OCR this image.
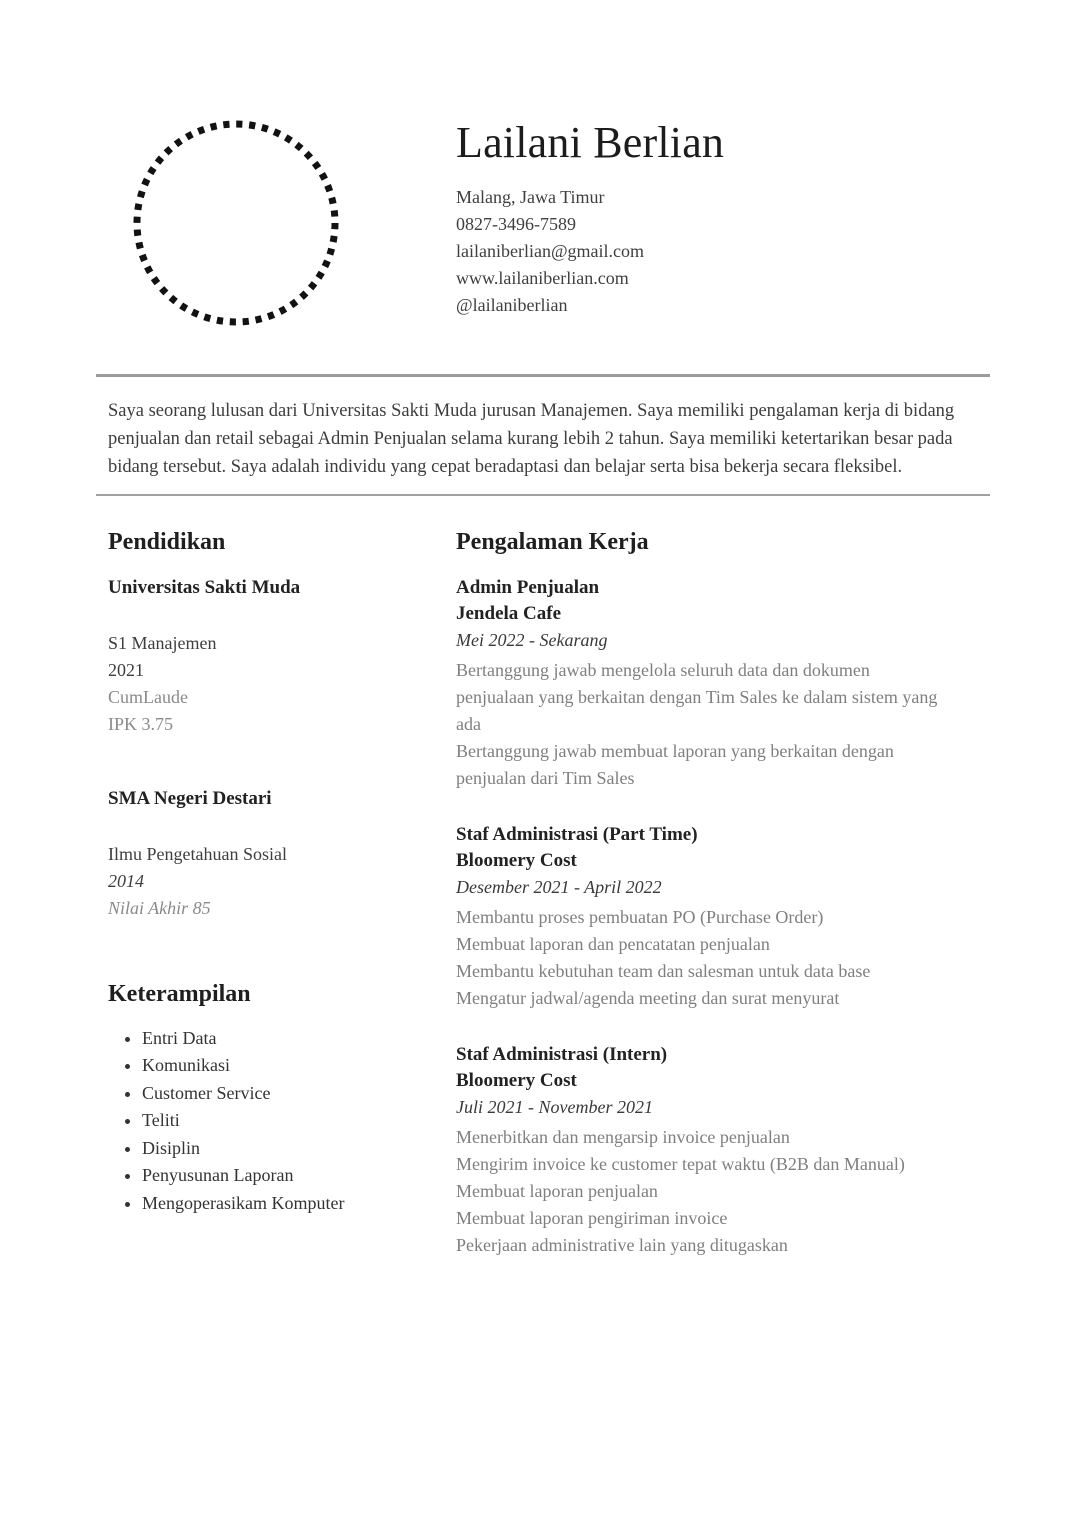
Lailani Berlian
Malang, Jawa Timur
0827-3496-7589
lailaniberlian@gmail.com
www.lailaniberlian.com
@lailaniberlian

Saya seorang lulusan dari Universitas Sakti Muda jurusan Manajemen. Saya memiliki pengalaman kerja di bidang penjualan dan retail sebagai Admin Penjualan selama kurang lebih 2 tahun. Saya memiliki ketertarikan besar pada bidang tersebut. Saya adalah individu yang cepat beradaptasi dan belajar serta bisa bekerja secara fleksibel.

Pendidikan
Universitas Sakti Muda
S1 Manajemen
2021
CumLaude
IPK 3.75
SMA Negeri Destari
Ilmu Pengetahuan Sosial
2014
Nilai Akhir 85
Keterampilan
• Entri Data
• Komunikasi
• Customer Service
• Teliti
• Disiplin
• Penyusunan Laporan
• Mengoperasikam Komputer
Pengalaman Kerja
Admin Penjualan
Jendela Cafe
Mei 2022 - Sekarang

Bertanggung jawab mengelola seluruh data dan dokumen penjualaan yang berkaitan dengan Tim Sales ke dalam sistem yang ada

Bertanggung jawab membuat laporan yang berkaitan dengan penjualan dari Tim Sales

Staf Administrasi (Part Time)
Bloomery Cost
Desember 2021 - April 2022

Membantu proses pembuatan PO (Purchase Order)

Membuat laporan dan pencatatan penjualan

Membantu kebutuhan team dan salesman untuk data base

Mengatur jadwal/agenda meeting dan surat menyurat

Staf Administrasi (Intern)
Bloomery Cost
Juli 2021 - November 2021

Menerbitkan dan mengarsip invoice penjualan

Mengirim invoice ke customer tepat waktu (B2B dan Manual)

Membuat laporan penjualan

Membuat laporan pengiriman invoice

Pekerjaan administrative lain yang ditugaskan
